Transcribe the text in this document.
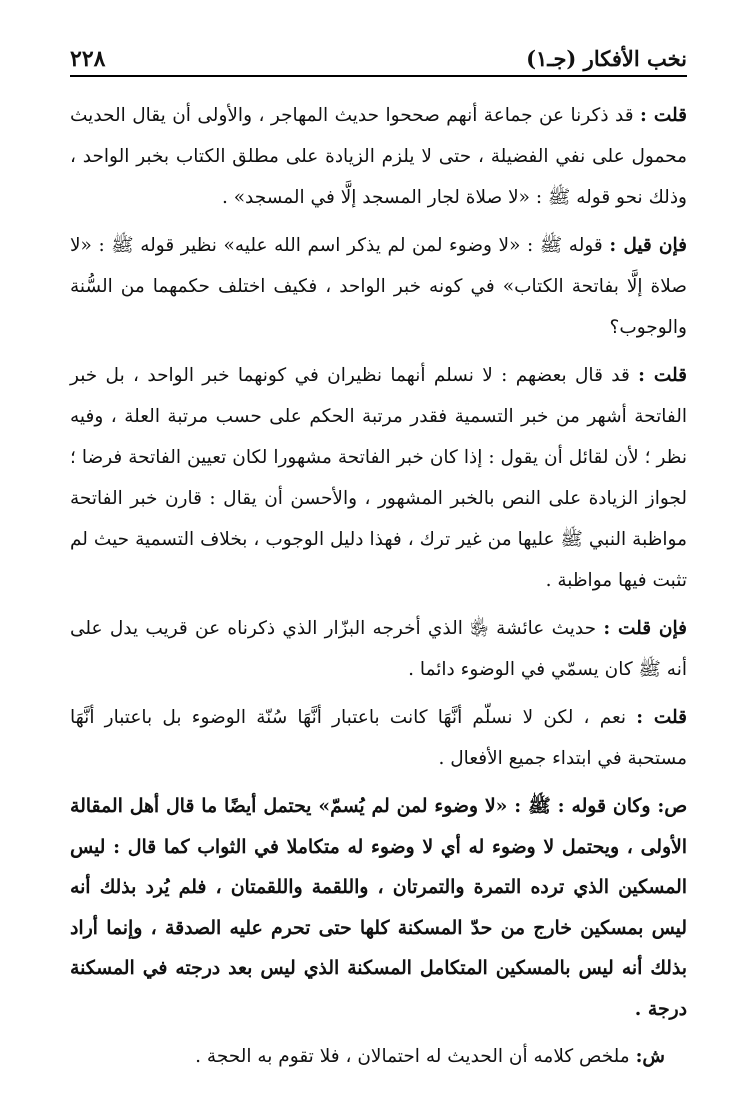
نخب الأفكار (جـ١)
٢٢٨

قلت : قد ذكرنا عن جماعة أنهم صححوا حديث المهاجر ، والأولى أن يقال الحديث محمول على نفي الفضيلة ، حتى لا يلزم الزيادة على مطلق الكتاب بخبر الواحد ، وذلك نحو قوله ﷺ : «لا صلاة لجار المسجد إلَّا في المسجد» .

فإن قيل : قوله ﷺ : «لا وضوء لمن لم يذكر اسم الله عليه» نظير قوله ﷺ : «لا صلاة إلَّا بفاتحة الكتاب» في كونه خبر الواحد ، فكيف اختلف حكمهما من السُّنة والوجوب؟

قلت : قد قال بعضهم : لا نسلم أنهما نظيران في كونهما خبر الواحد ، بل خبر الفاتحة أشهر من خبر التسمية فقدر مرتبة الحكم على حسب مرتبة العلة ، وفيه نظر ؛ لأن لقائل أن يقول : إذا كان خبر الفاتحة مشهورا لكان تعيين الفاتحة فرضا ؛ لجواز الزيادة على النص بالخبر المشهور ، والأحسن أن يقال : قارن خبر الفاتحة مواظبة النبي ﷺ عليها من غير ترك ، فهذا دليل الوجوب ، بخلاف التسمية حيث لم تثبت فيها مواظبة .

فإن قلت : حديث عائشة ﵂ الذي أخرجه البزّار الذي ذكرناه عن قريب يدل على أنه ﷺ كان يسمّي في الوضوء دائما .

قلت : نعم ، لكن لا نسلّم أنَّهَا كانت باعتبار أنَّهَا سُنّة الوضوء بل باعتبار أنَّهَا مستحبة في ابتداء جميع الأفعال .

ص: وكان قوله : ﷺ : «لا وضوء لمن لم يُسمّ» يحتمل أيضًا ما قال أهل المقالة الأولى ، ويحتمل لا وضوء له أي لا وضوء له متكاملا في الثواب كما قال : ليس المسكين الذي ترده التمرة والتمرتان ، واللقمة واللقمتان ، فلم يُرد بذلك أنه ليس بمسكين خارج من حدّ المسكنة كلها حتى تحرم عليه الصدقة ، وإنما أراد بذلك أنه ليس بالمسكين المتكامل المسكنة الذي ليس بعد درجته في المسكنة درجة .

ش: ملخص كلامه أن الحديث له احتمالان ، فلا تقوم به الحجة .
